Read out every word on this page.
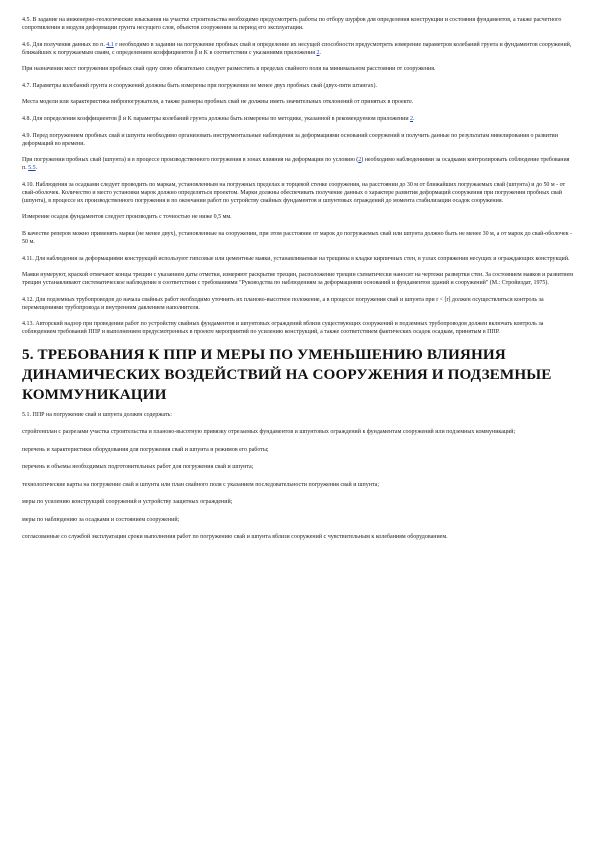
4.5. В задание на инженерно-геологические изыскания на участке строительства необходимо предусмотреть работы по отбору шурфов для определения конструкции и состояния фундаментов, а также расчетного сопротивления и модуля деформации грунта несущего слоя, объектов сооружения за период его эксплуатации.

4.6. Для получения данных по п. 4.1 г необходимо в задании на погружение пробных свай и определение их несущей способности предусмотреть измерение параметров колебаний грунта и фундаментов сооружений, ближайших к погружаемым сваям, с определением коэффициентов β и K в соответствии с указаниями приложения 2.

При назначении мест погружения пробных свай одну свою обязательно следует разместить в пределах свайного поля на минимальном расстоянии от сооружения.

4.7. Параметры колебаний грунта и сооружений должны быть измерены при погружении не менее двух пробных свай (двух-пяти штангах).

Места модели или характеристика вибропогружателя, а также размеры пробных свай не должны иметь значительных отклонений от принятых в проекте.

4.8. Для определения коэффициентов β и K параметры колебаний грунта должны быть измерены по методике, указанной в рекомендуемом приложении 2.

4.9. Перед погружением пробных свай и шпунта необходимо организовать инструментальные наблюдения за деформациями оснований сооружений и получить данные по результатам нивелирования о развитии деформаций во времени.

При погружении пробных свай (шпунта) и в процессе производственного погружения в зонах влияния на деформации по условию (2) необходимо наблюдениями за осадками контролировать соблюдение требования п. 5.5.

4.10. Наблюдения за осадками следует проводить по маркам, установленным на погружных пределах и торцевой стенке сооружения, на расстоянии до 30 м от ближайших погружаемых свай (шпунта) и до 50 м - от свай-оболочек. Количество и место установки марок должно определяться проектом. Марки должны обеспечивать получение данных о характере развития деформаций сооружения при погружении пробных свай (шпунта), в процессе их производственного погружения и по окончании работ по устройству свайных фундаментов и шпунтовых ограждений до момента стабилизации осадок сооружения.

Измерение осадок фундаментов следует производить с точностью не ниже 0,5 мм.

В качестве реперов можно применять марки (не менее двух), установленные на сооружении, при этом расстояние от марок до погружаемых свай или шпунта должно быть не менее 30 м, а от марок до свай-оболочек - 50 м.

4.11. Для наблюдения за деформациями конструкций используют гипсовые или цементные маяки, устанавливаемые на трещины в кладке кирпичных стен, в узлах сопряжения несущих и ограждающих конструкций.

Маяки нумеруют, краской отмечают концы трещин с указанием даты отметки, измеряют раскрытие трещин, расположение трещин схематически наносят на чертежи развертки стен. За состоянием маяков и развитием трещин устанавливают систематическое наблюдение в соответствии с требованиями "Руководства по наблюдениям за деформациями оснований и фундаментов зданий и сооружений" (М.: Стройиздат, 1975).

4.12. Для подземных трубопроводов до начала свайных работ необходимо уточнить их планово-высотное положение, а в процессе погружения свай и шпунта при r < [r] должен осуществляться контроль за перемещениями трубопровода и внутренним давлением наполнителя.

4.13. Авторский надзор при проведении работ по устройству свайных фундаментов и шпунтовых ограждений вблизи существующих сооружений и подземных трубопроводов должен включать контроль за соблюдением требований ППР и выполнением предусмотренных в проекте мероприятий по усилению конструкций, а также соответствием фактических осадок осадкам, принятым в ППР.

5. ТРЕБОВАНИЯ К ППР И МЕРЫ ПО УМЕНЬШЕНИЮ ВЛИЯНИЯ ДИНАМИЧЕСКИХ ВОЗДЕЙСТВИЙ НА СООРУЖЕНИЯ И ПОДЗЕМНЫЕ КОММУНИКАЦИИ

5.1. ППР на погружение свай и шпунта должен содержать:

стройгенплан с разрезами участка строительства и планово-высотную привязку отрезаемых фундаментов и шпунтовых ограждений к фундаментам сооружений или подземных коммуникаций;

перечень и характеристики оборудования для погружения свай и шпунта и режимов его работы;

перечень и объемы необходимых подготовительных работ для погружения свай и шпунта;

технологические карты на погружение свай и шпунта или план свайного поля с указанием последовательности погружения свай и шпунта;

меры по усилению конструкций сооружений и устройству защитных ограждений;

меры по наблюдению за осадками и состоянием сооружений;

согласованные со службой эксплуатации сроки выполнения работ по погружению свай и шпунта вблизи сооружений с чувствительным к колебаниям оборудованием.
